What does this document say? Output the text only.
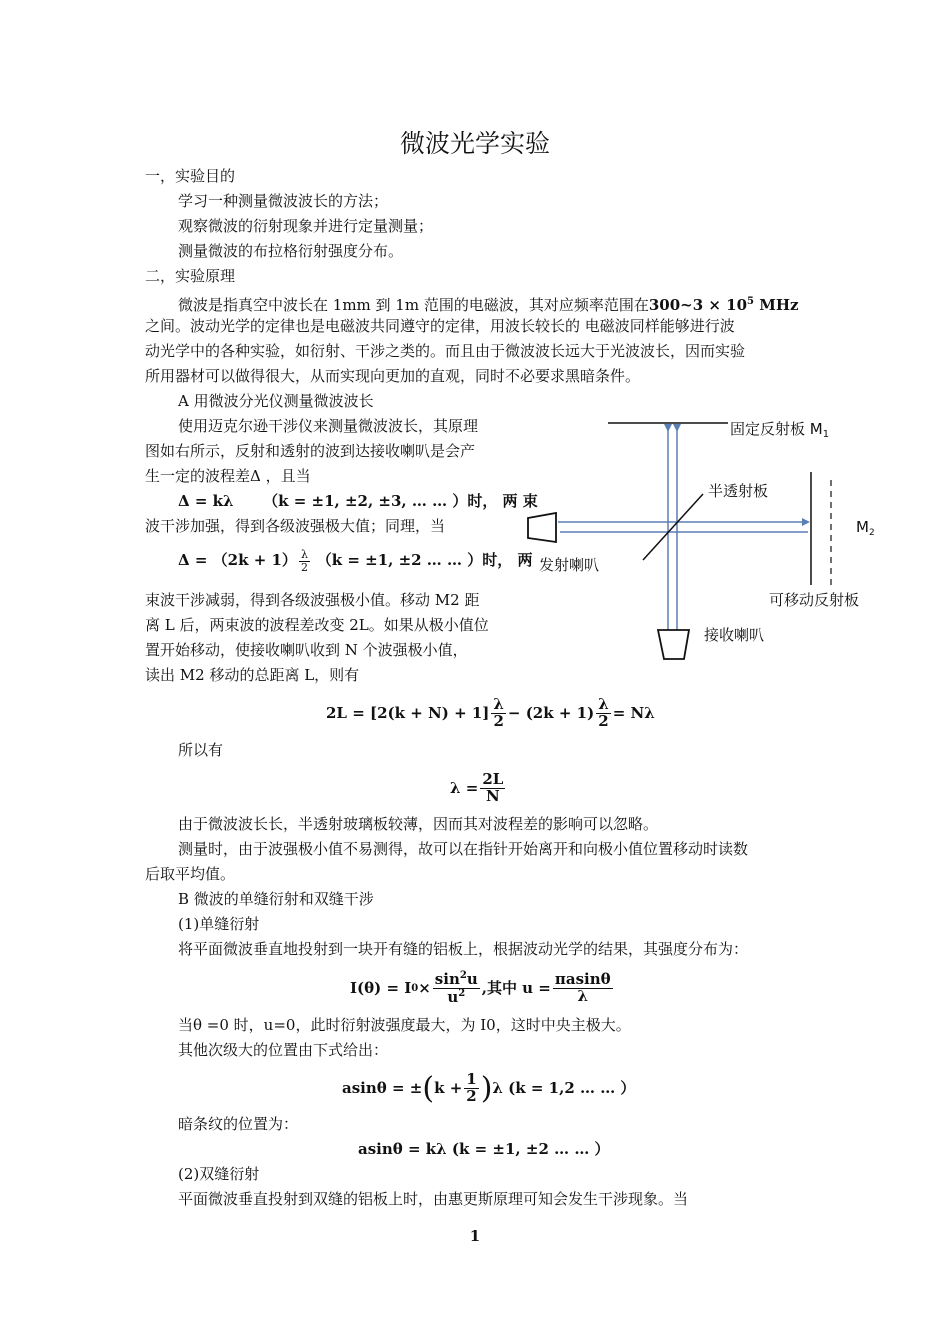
微波光学实验
一，实验目的
学习一种测量微波波长的方法；
观察微波的衍射现象并进行定量测量；
测量微波的布拉格衍射强度分布。
二，实验原理
微波是指真空中波长在 1mm 到 1m 范围的电磁波，其对应频率范围在300~3 × $10^5$ MHz
之间。波动光学的定律也是电磁波共同遵守的定律，用波长较长的 电磁波同样能够进行波
动光学中的各种实验，如衍射、干涉之类的。而且由于微波波长远大于光波波长，因而实验
所用器材可以做得很大，从而实现向更加的直观，同时不必要求黑暗条件。
A 用微波分光仪测量微波波长
使用迈克尔逊干涉仪来测量微波波长，其原理
图如右所示，反射和透射的波到达接收喇叭是会产
生一定的波程差Δ ，且当
Δ = kλ （k = ±1, ±2, ±3, … … ）时， 两 束
波干涉加强，得到各级波强极大值；同理，当
$\Delta = (2k + 1) \frac{\lambda}{2} (k = \pm 1$, ±2 … … ）时， 两
束波干涉减弱，得到各级波强极小值。移动 M2 距
离 L 后，两束波的波程差改变 2L。如果从极小值位
置开始移动，使接收喇叭收到 N 个波强极小值，
读出 M2 移动的总距离 L，则有
固定反射板 $M_1$
半透射板
$M_2$
发射喇叭
可移动反射板
接收喇叭
$2L = [2(k + N) + 1] \frac{\lambda}{2} - (2k + 1) \frac{\lambda}{2} = N\lambda$
所以有
$\lambda = \frac{2L}{N}$
由于微波波长长，半透射玻璃板较薄，因而其对波程差的影响可以忽略。
测量时，由于波强极小值不易测得，故可以在指针开始离开和向极小值位置移动时读数
后取平均值。
B 微波的单缝衍射和双缝干涉
(1)单缝衍射
将平面微波垂直地投射到一块开有缝的铝板上，根据波动光学的结果，其强度分布为：
I(θ) = I $0 \times \frac{\sin^2u}{u^2}$ ,其中 $u = \frac{\pi asin\theta}{\lambda}$
当θ =0 时，u=0，此时衍射波强度最大，为 I0，这时中央主极大。
其他次级大的位置由下式给出：
asinθ = ± ( $k + \frac{1}{2}$ ) λ (k = 1,2 … … ）
暗条纹的位置为：
asinθ = kλ (k = ±1, ±2 … … ）
(2)双缝衍射
平面微波垂直投射到双缝的铝板上时，由惠更斯原理可知会发生干涉现象。当
1
